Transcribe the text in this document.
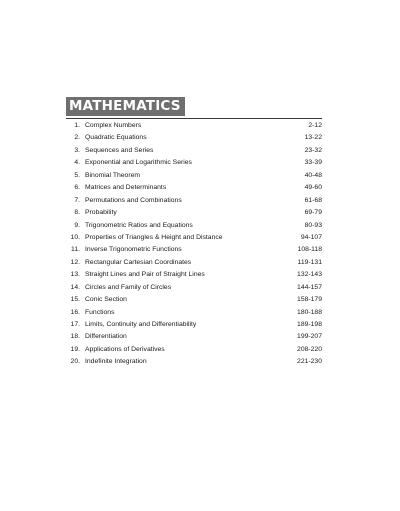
MATHEMATICS
1. Complex Numbers	2-12
2. Quadratic Equations	13-22
3. Sequences and Series	23-32
4. Exponential and Logarithmic Series	33-39
5. Binomial Theorem	40-48
6. Matrices and Determinants	49-60
7. Permutations and Combinations	61-68
8. Probability	69-79
9. Trigonometric Ratios and Equations	80-93
10. Properties of Triangles & Height and Distance	94-107
11. Inverse Trigonometric Functions	108-118
12. Rectangular Cartesian Coordinates	119-131
13. Straight Lines and Pair of Straight Lines	132-143
14. Circles and Family of Circles	144-157
15. Conic Section	158-179
16. Functions	180-188
17. Limits, Continuity and Differentiability	189-198
18. Differentiation	199-207
19. Applications of Derivatives	208-220
20. Indefinite Integration	221-230
